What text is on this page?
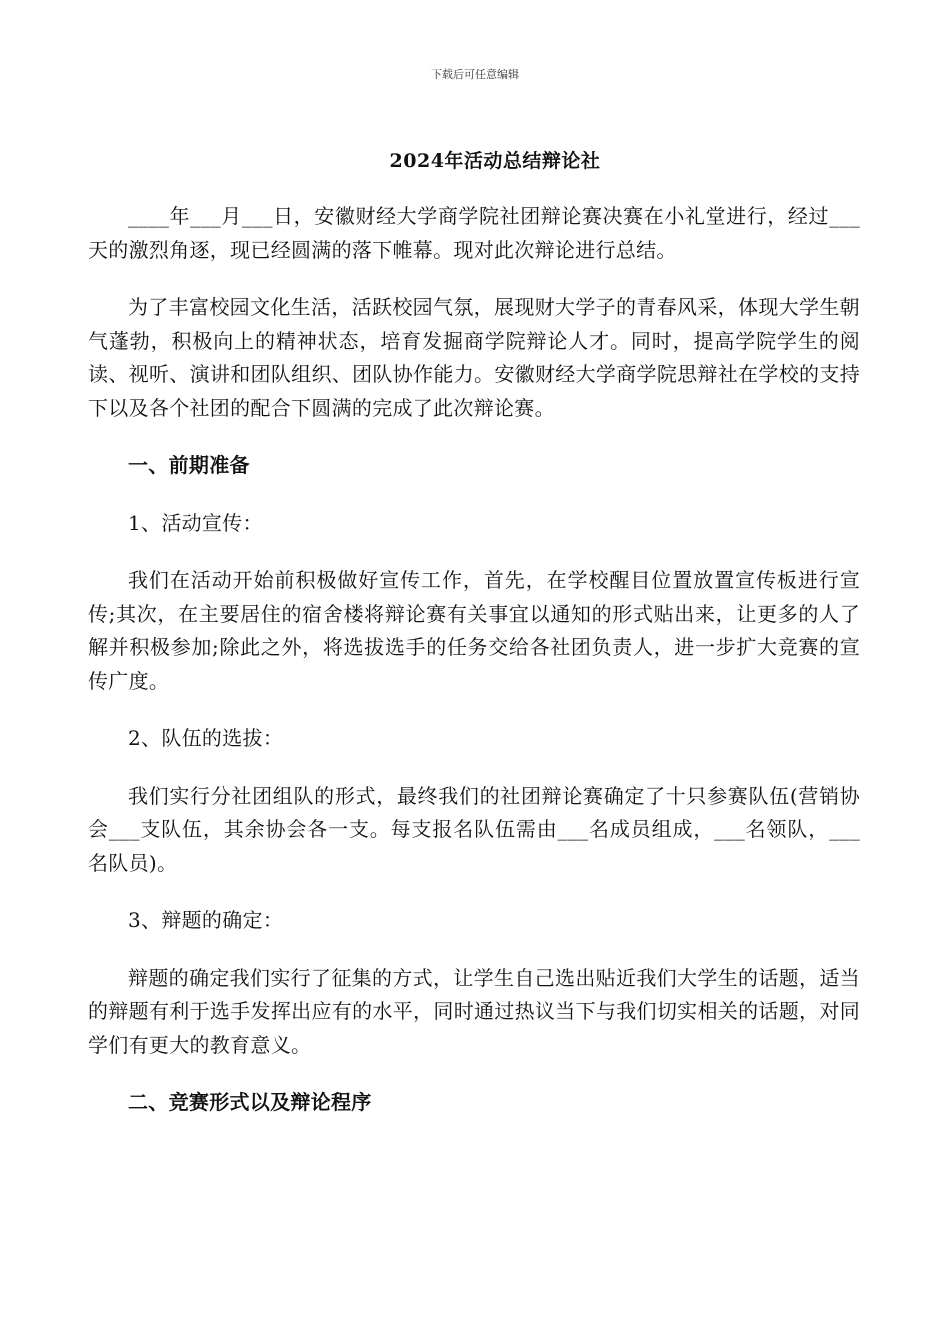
下载后可任意编辑
2024年活动总结辩论社

____年___月___日，安徽财经大学商学院社团辩论赛决赛在小礼堂进行，经过___天的激烈角逐，现已经圆满的落下帷幕。现对此次辩论进行总结。

为了丰富校园文化生活，活跃校园气氛，展现财大学子的青春风采，体现大学生朝气蓬勃，积极向上的精神状态，培育发掘商学院辩论人才。同时，提高学院学生的阅读、视听、演讲和团队组织、团队协作能力。安徽财经大学商学院思辩社在学校的支持下以及各个社团的配合下圆满的完成了此次辩论赛。

一、前期准备

1、活动宣传：

我们在活动开始前积极做好宣传工作，首先，在学校醒目位置放置宣传板进行宣传;其次，在主要居住的宿舍楼将辩论赛有关事宜以通知的形式贴出来，让更多的人了解并积极参加;除此之外，将选拔选手的任务交给各社团负责人，进一步扩大竞赛的宣传广度。

2、队伍的选拔：

我们实行分社团组队的形式，最终我们的社团辩论赛确定了十只参赛队伍(营销协会___支队伍，其余协会各一支。每支报名队伍需由___名成员组成，___名领队，___名队员)。

3、辩题的确定：

辩题的确定我们实行了征集的方式，让学生自己选出贴近我们大学生的话题，适当的辩题有利于选手发挥出应有的水平，同时通过热议当下与我们切实相关的话题，对同学们有更大的教育意义。

二、竞赛形式以及辩论程序
